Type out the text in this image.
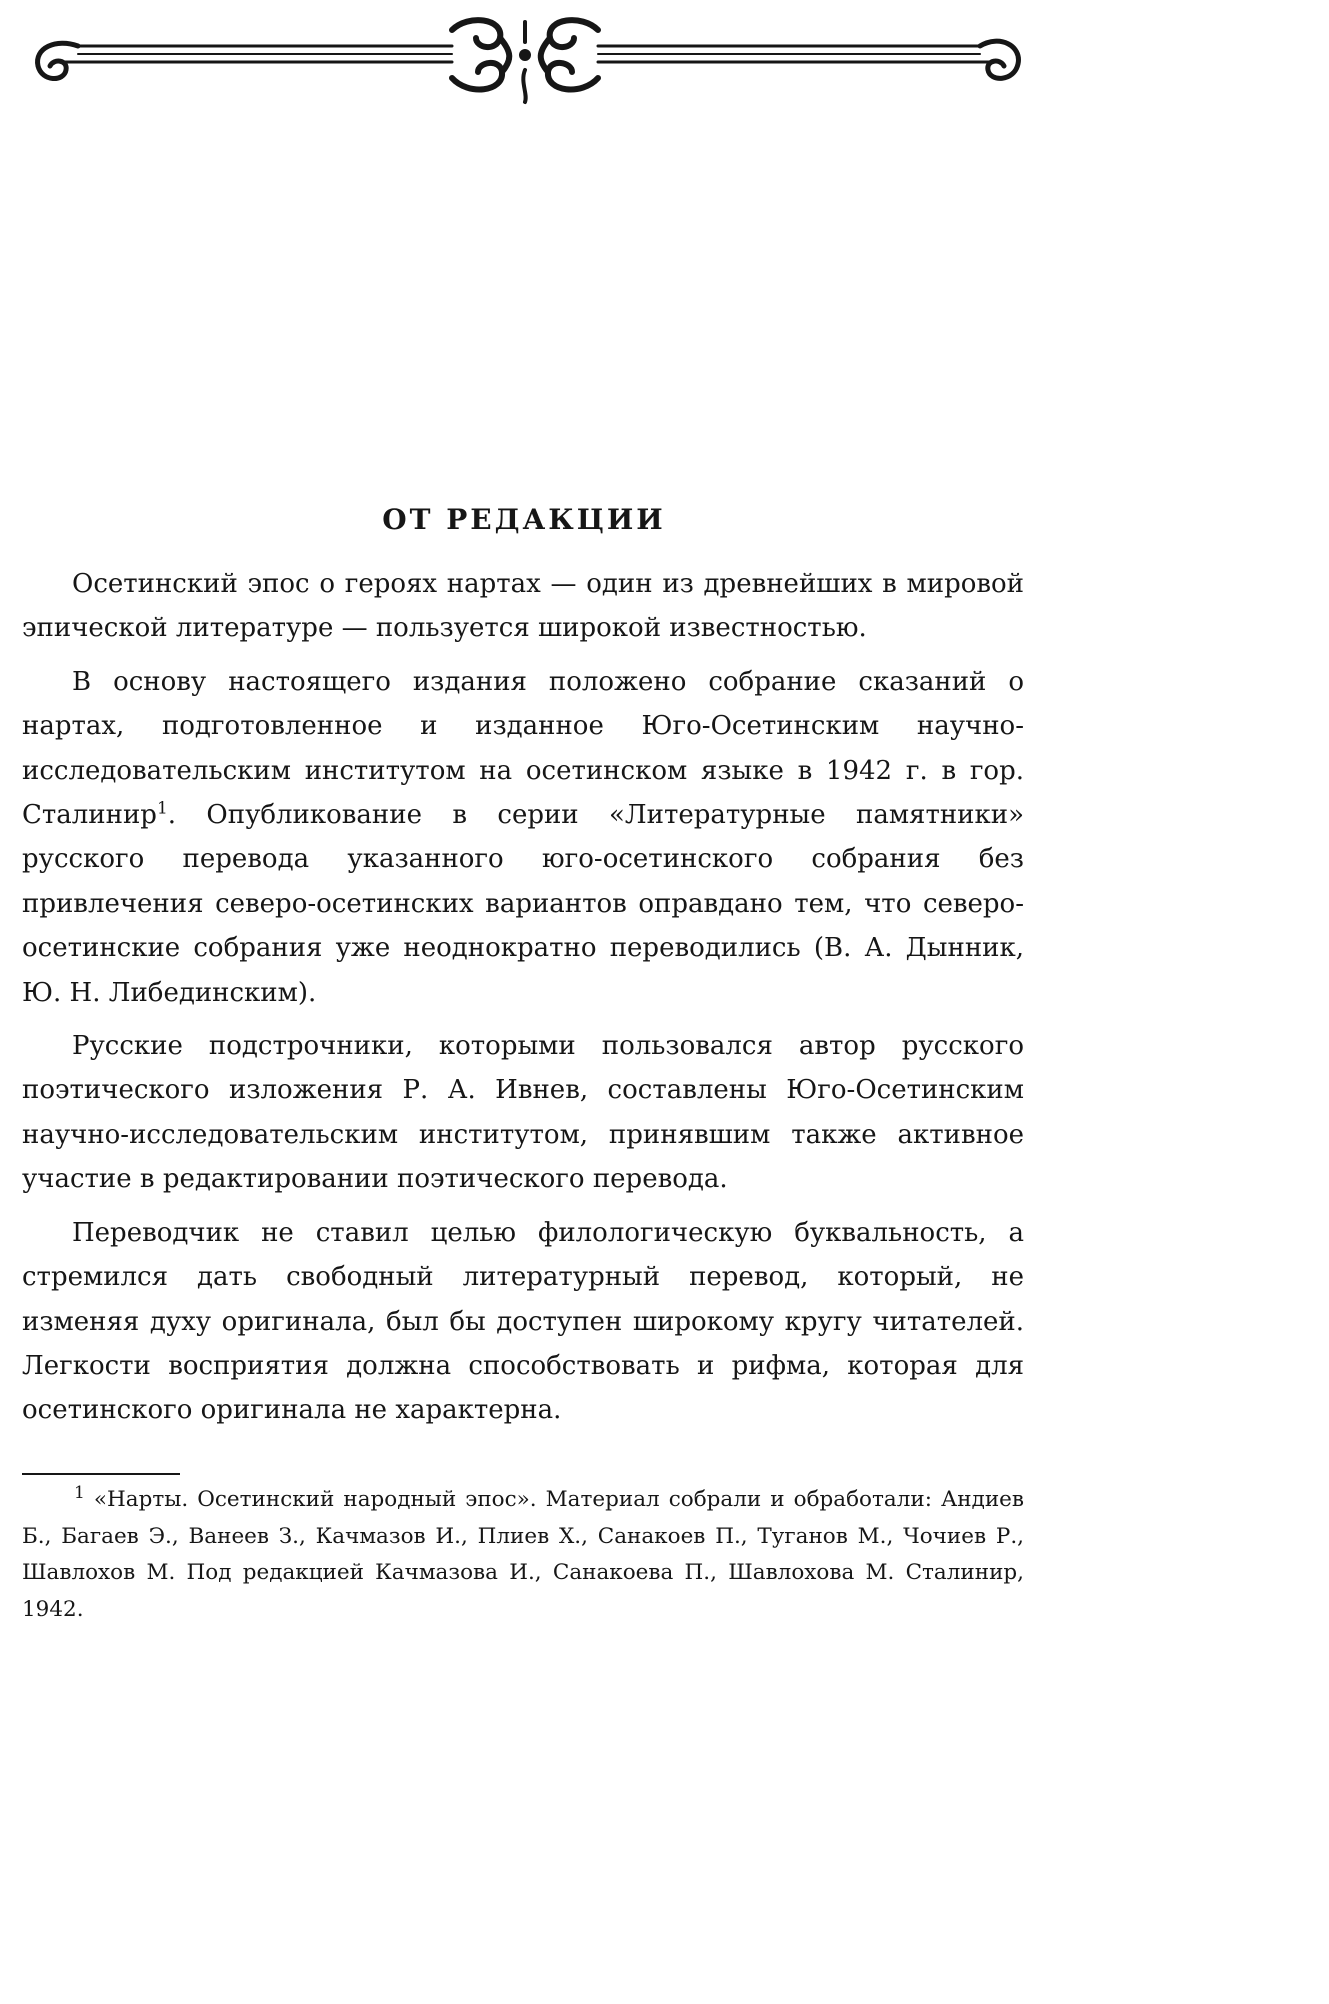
ОТ РЕДАКЦИИ

Осетинский эпос о героях нартах — один из древнейших в мировой эпической литературе — пользуется широкой известностью.

В основу настоящего издания положено собрание сказаний о нартах, подготовленное и изданное Юго-Осетинским научно-исследовательским институтом на осетинском языке в 1942 г. в гор. Сталинир$^1$. Опубликование в серии «Литературные памятники» русского перевода указанного юго-осетинского собрания без привлечения северо-осетинских вариантов оправдано тем, что северо-осетинские собрания уже неоднократно переводились (В. А. Дынник, Ю. Н. Либединским).

Русские подстрочники, которыми пользовался автор русского поэтического изложения Р. А. Ивнев, составлены Юго-Осетинским научно-исследовательским институтом, принявшим также активное участие в редактировании поэтического перевода.

Переводчик не ставил целью филологическую буквальность, а стремился дать свободный литературный перевод, который, не изменяя духу оригинала, был бы доступен широкому кругу читателей. Легкости восприятия должна способствовать и рифма, которая для осетинского оригинала не характерна.

$^1$ «Нарты. Осетинский народный эпос». Материал собрали и обработали: Андиев Б., Багаев Э., Ванеев З., Качмазов И., Плиев Х., Санакоев П., Туганов М., Чочиев Р., Шавлохов М. Под редакцией Качмазова И., Санакоева П., Шавлохова М. Сталинир, 1942.
